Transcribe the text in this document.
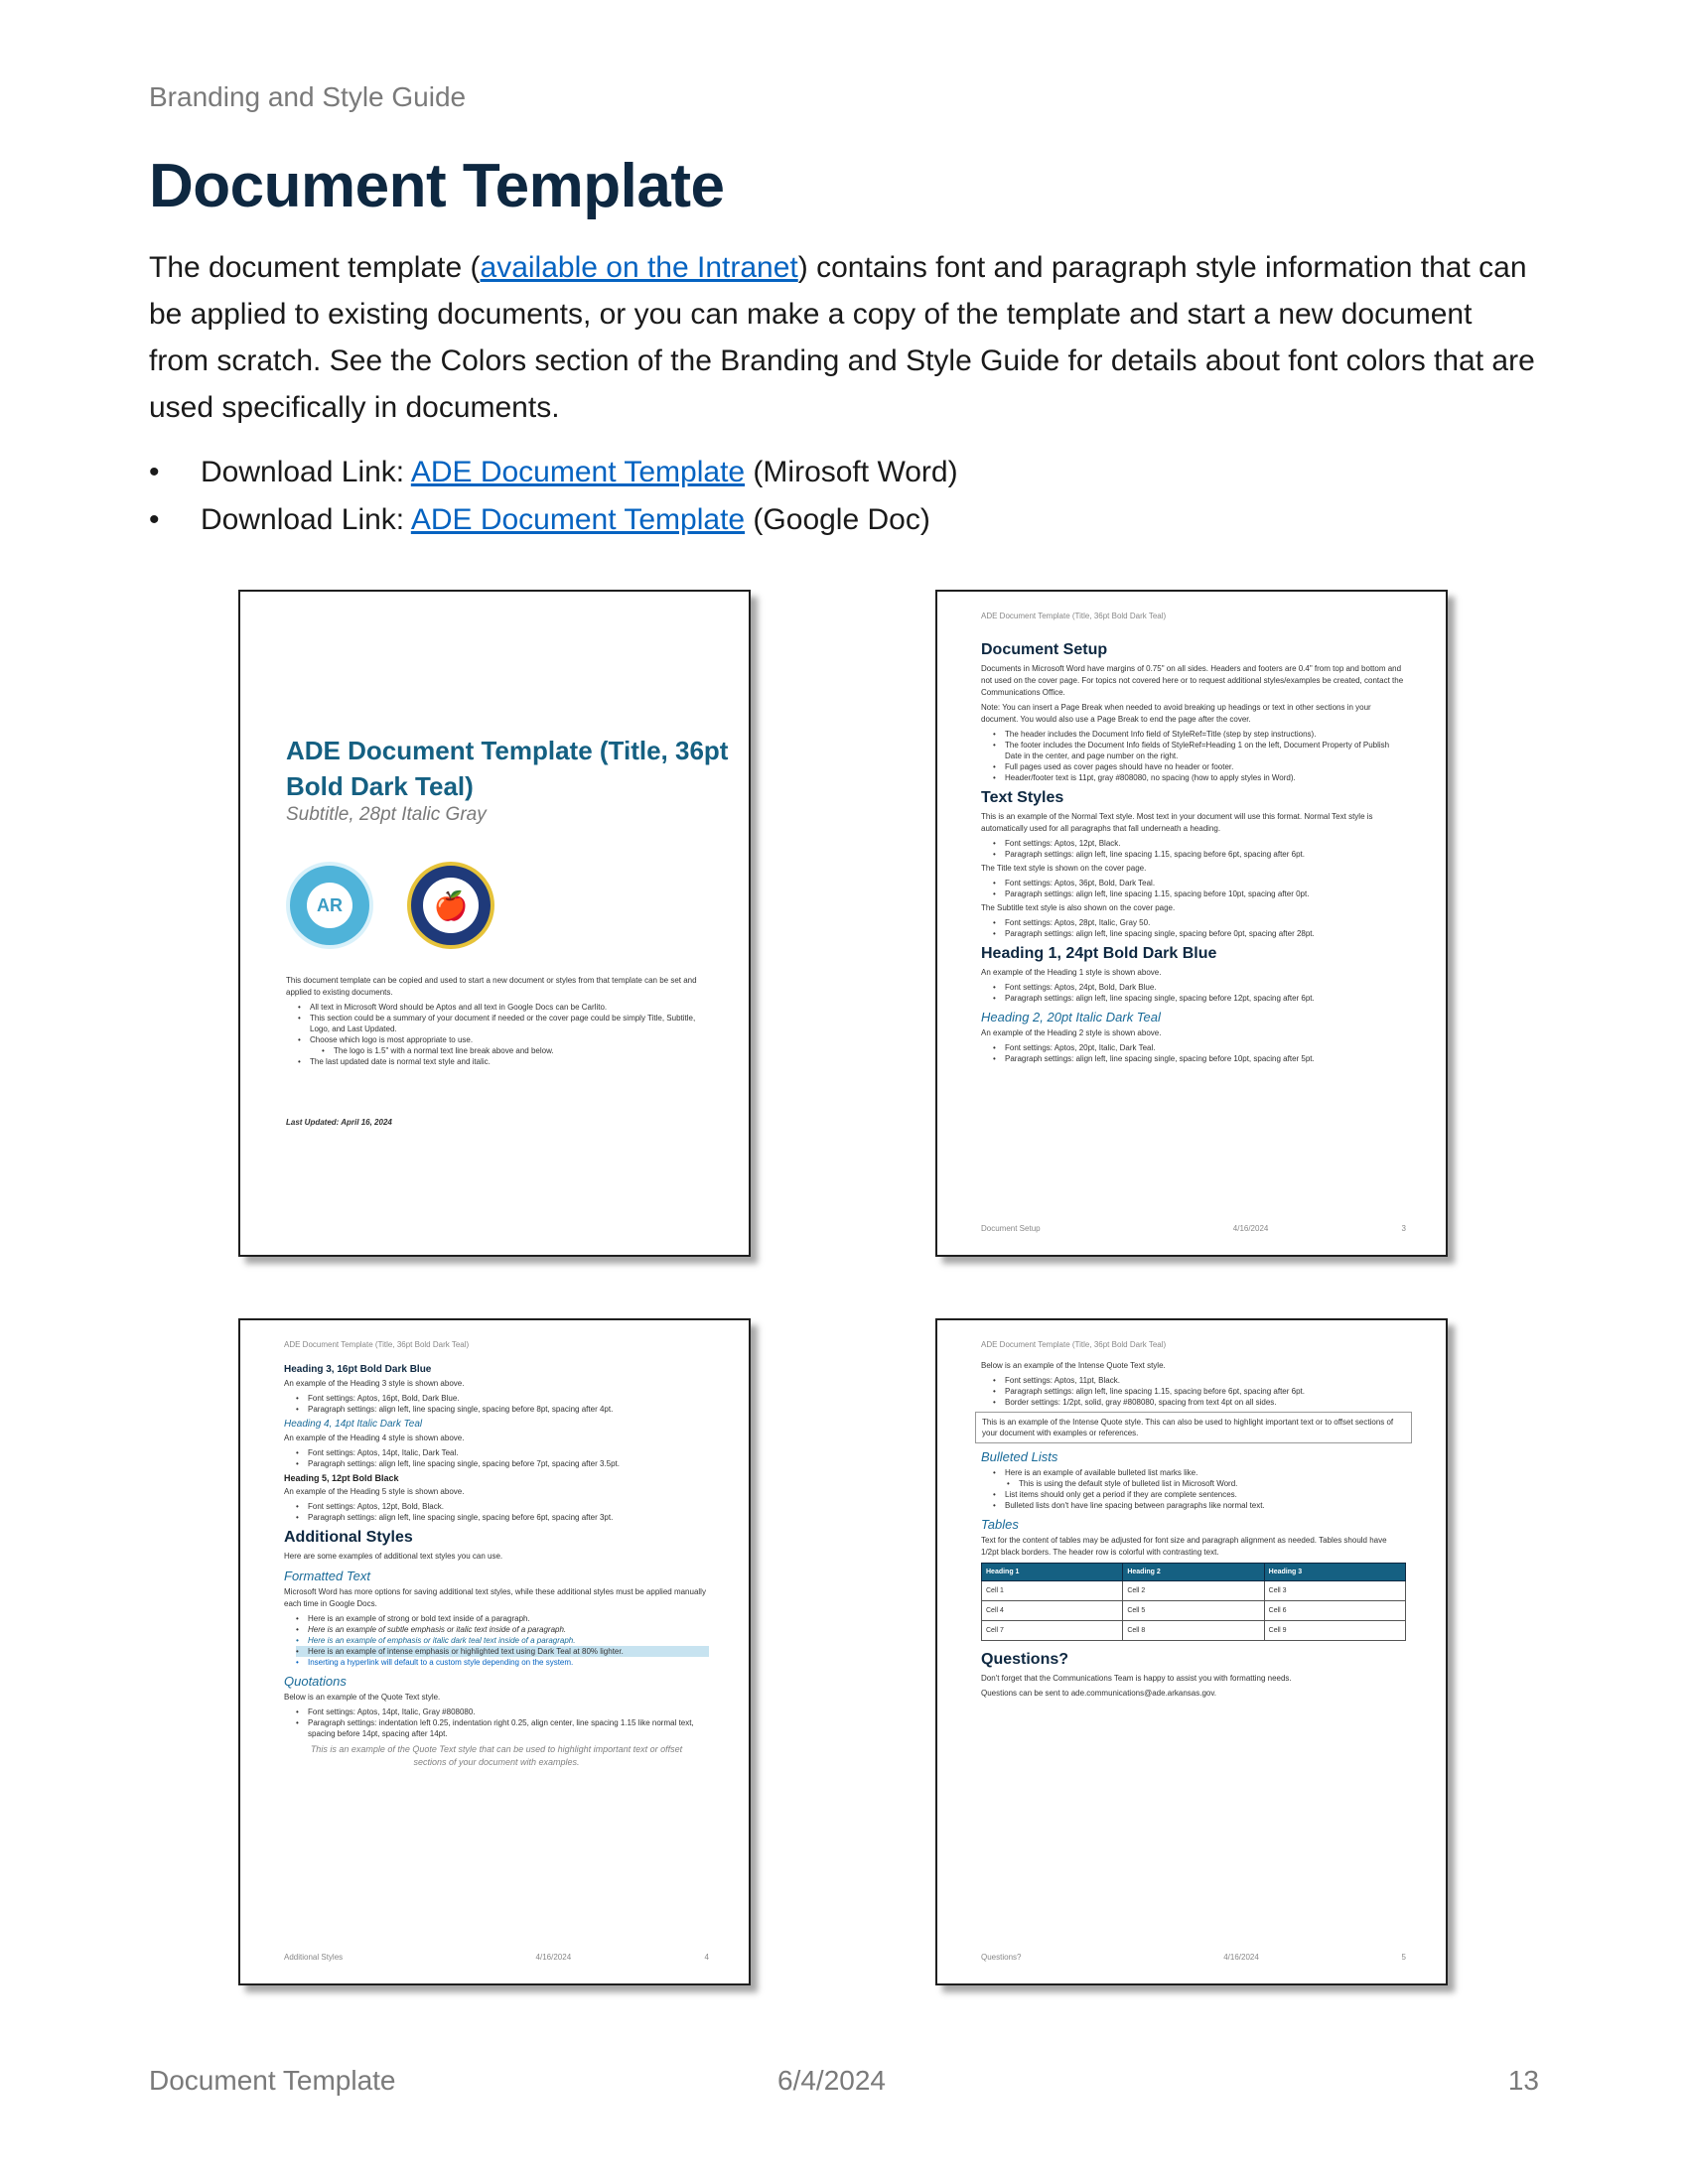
Branding and Style Guide
Document Template

The document template (available on the Intranet) contains font and paragraph style information that can be applied to existing documents, or you can make a copy of the template and start a new document from scratch. See the Colors section of the Branding and Style Guide for details about font colors that are used specifically in documents.

• Download Link: ADE Document Template (Mirosoft Word)
• Download Link: ADE Document Template (Google Doc)
ADE Document Template (Title, 36pt Bold Dark Teal)
Subtitle, 28pt Italic Gray
AR	🍎

This document template can be copied and used to start a new document or styles from that template can be set and applied to existing documents.

• All text in Microsoft Word should be Aptos and all text in Google Docs can be Carlito.
• This section could be a summary of your document if needed or the cover page could be simply Title, Subtitle, Logo, and Last Updated.
• Choose which logo is most appropriate to use.
• The logo is 1.5" with a normal text line break above and below.
• The last updated date is normal text style and italic.
Last Updated: April 16, 2024
ADE Document Template (Title, 36pt Bold Dark Teal)
Document Setup

Documents in Microsoft Word have margins of 0.75" on all sides. Headers and footers are 0.4" from top and bottom and not used on the cover page. For topics not covered here or to request additional styles/examples be created, contact the Communications Office.

Note: You can insert a Page Break when needed to avoid breaking up headings or text in other sections in your document. You would also use a Page Break to end the page after the cover.

• The header includes the Document Info field of StyleRef=Title (step by step instructions).
• The footer includes the Document Info fields of StyleRef=Heading 1 on the left, Document Property of Publish Date in the center, and page number on the right.
• Full pages used as cover pages should have no header or footer.
• Header/footer text is 11pt, gray #808080, no spacing (how to apply styles in Word).
Text Styles

This is an example of the Normal Text style. Most text in your document will use this format. Normal Text style is automatically used for all paragraphs that fall underneath a heading.

• Font settings: Aptos, 12pt, Black.
• Paragraph settings: align left, line spacing 1.15, spacing before 6pt, spacing after 6pt.

The Title text style is shown on the cover page.

• Font settings: Aptos, 36pt, Bold, Dark Teal.
• Paragraph settings: align left, line spacing 1.15, spacing before 10pt, spacing after 0pt.

The Subtitle text style is also shown on the cover page.

• Font settings: Aptos, 28pt, Italic, Gray 50.
• Paragraph settings: align left, line spacing single, spacing before 0pt, spacing after 28pt.
Heading 1, 24pt Bold Dark Blue

An example of the Heading 1 style is shown above.

• Font settings: Aptos, 24pt, Bold, Dark Blue.
• Paragraph settings: align left, line spacing single, spacing before 12pt, spacing after 6pt.
Heading 2, 20pt Italic Dark Teal

An example of the Heading 2 style is shown above.

• Font settings: Aptos, 20pt, Italic, Dark Teal.
• Paragraph settings: align left, line spacing single, spacing before 10pt, spacing after 5pt.
Document Setup	4/16/2024	3
ADE Document Template (Title, 36pt Bold Dark Teal)
Heading 3, 16pt Bold Dark Blue

An example of the Heading 3 style is shown above.

• Font settings: Aptos, 16pt, Bold, Dark Blue.
• Paragraph settings: align left, line spacing single, spacing before 8pt, spacing after 4pt.
Heading 4, 14pt Italic Dark Teal

An example of the Heading 4 style is shown above.

• Font settings: Aptos, 14pt, Italic, Dark Teal.
• Paragraph settings: align left, line spacing single, spacing before 7pt, spacing after 3.5pt.
Heading 5, 12pt Bold Black

An example of the Heading 5 style is shown above.

• Font settings: Aptos, 12pt, Bold, Black.
• Paragraph settings: align left, line spacing single, spacing before 6pt, spacing after 3pt.
Additional Styles

Here are some examples of additional text styles you can use.

Formatted Text

Microsoft Word has more options for saving additional text styles, while these additional styles must be applied manually each time in Google Docs.

• Here is an example of strong or bold text inside of a paragraph.
• Here is an example of subtle emphasis or italic text inside of a paragraph.
• Here is an example of emphasis or italic dark teal text inside of a paragraph.
• Here is an example of intense emphasis or highlighted text using Dark Teal at 80% lighter.
• Inserting a hyperlink will default to a custom style depending on the system.
Quotations

Below is an example of the Quote Text style.

• Font settings: Aptos, 14pt, Italic, Gray #808080.
• Paragraph settings: indentation left 0.25, indentation right 0.25, align center, line spacing 1.15 like normal text, spacing before 14pt, spacing after 14pt.

This is an example of the Quote Text style that can be used to highlight important text or offset sections of your document with examples.

Additional Styles	4/16/2024	4
ADE Document Template (Title, 36pt Bold Dark Teal)

Below is an example of the Intense Quote Text style.

• Font settings: Aptos, 11pt, Black.
• Paragraph settings: align left, line spacing 1.15, spacing before 6pt, spacing after 6pt.
• Border settings: 1/2pt, solid, gray #808080, spacing from text 4pt on all sides.
This is an example of the Intense Quote style. This can also be used to highlight important text or to offset sections of your document with examples or references.
Bulleted Lists
• Here is an example of available bulleted list marks like.
• This is using the default style of bulleted list in Microsoft Word.
• List items should only get a period if they are complete sentences.
• Bulleted lists don't have line spacing between paragraphs like normal text.
Tables

Text for the content of tables may be adjusted for font size and paragraph alignment as needed. Tables should have 1/2pt black borders. The header row is colorful with contrasting text.

Heading 1	Heading 2	Heading 3
Cell 1	Cell 2	Cell 3
Cell 4	Cell 5	Cell 6
Cell 7	Cell 8	Cell 9
Questions?

Don't forget that the Communications Team is happy to assist you with formatting needs.

Questions can be sent to ade.communications@ade.arkansas.gov.

Questions?	4/16/2024	5
Document Template	6/4/2024	13
